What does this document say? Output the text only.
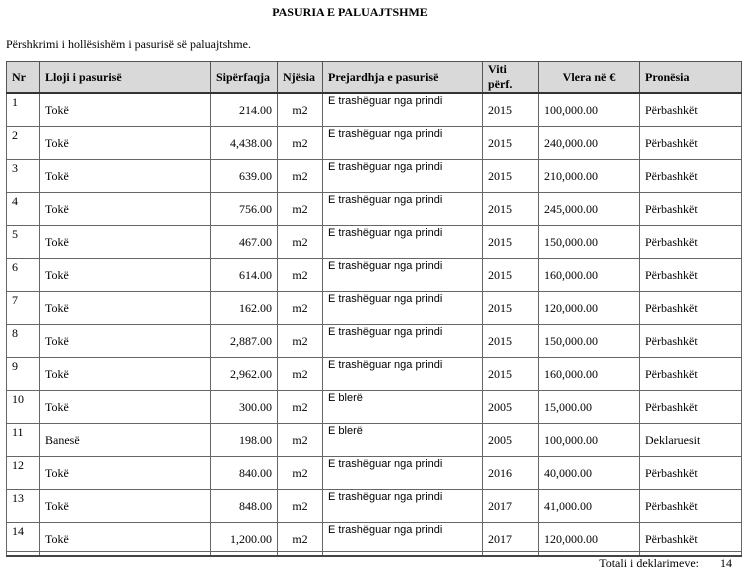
PASURIA E PALUAJTSHME
Përshkrimi i hollësishëm i pasurisë së paluajtshme.
Nr	Lloji i pasurisë	Sipërfaqja	Njësia	Prejardhja e pasurisë	Viti përf.	Vlera në €	Pronësia

1	Tokë	214.00	m2	E trashëguar nga prindi	2015	100,000.00	Përbashkët

2	Tokë	4,438.00	m2	E trashëguar nga prindi	2015	240,000.00	Përbashkët

3	Tokë	639.00	m2	E trashëguar nga prindi	2015	210,000.00	Përbashkët

4	Tokë	756.00	m2	E trashëguar nga prindi	2015	245,000.00	Përbashkët

5	Tokë	467.00	m2	E trashëguar nga prindi	2015	150,000.00	Përbashkët

6	Tokë	614.00	m2	E trashëguar nga prindi	2015	160,000.00	Përbashkët

7	Tokë	162.00	m2	E trashëguar nga prindi	2015	120,000.00	Përbashkët

8	Tokë	2,887.00	m2	E trashëguar nga prindi	2015	150,000.00	Përbashkët

9	Tokë	2,962.00	m2	E trashëguar nga prindi	2015	160,000.00	Përbashkët

10	Tokë	300.00	m2	E blerë	2005	15,000.00	Përbashkët

11	Banesë	198.00	m2	E blerë	2005	100,000.00	Deklaruesit

12	Tokë	840.00	m2	E trashëguar nga prindi	2016	40,000.00	Përbashkët

13	Tokë	848.00	m2	E trashëguar nga prindi	2017	41,000.00	Përbashkët

14	Tokë	1,200.00	m2	E trashëguar nga prindi	2017	120,000.00	Përbashkët
Totali i deklarimeve: 14
